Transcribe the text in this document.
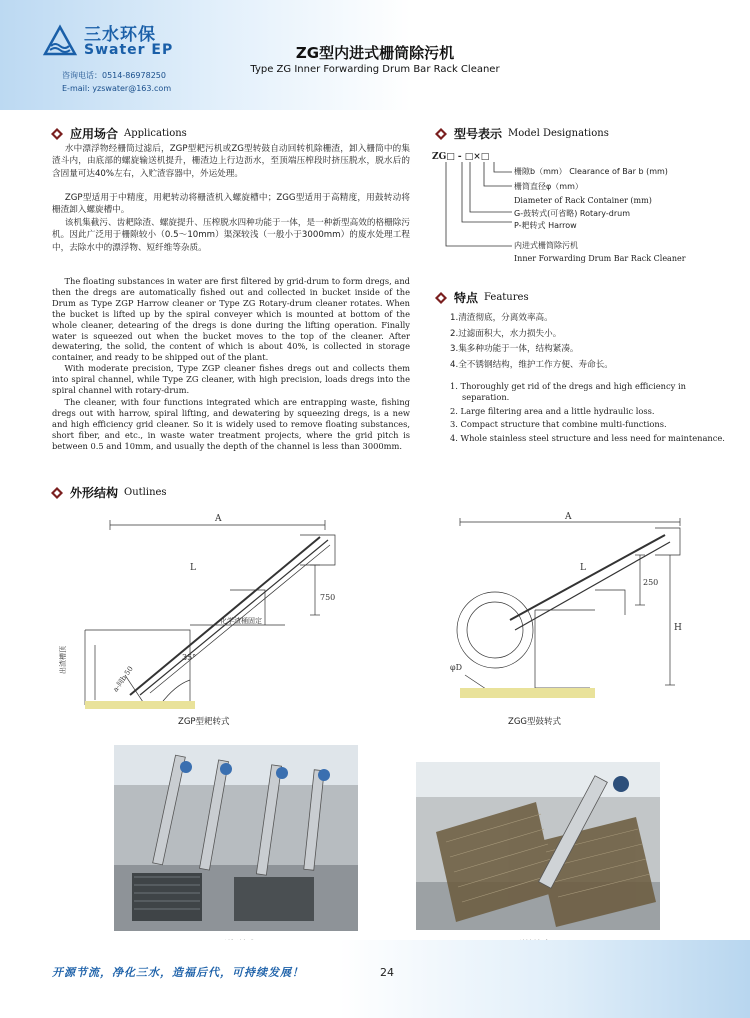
三水环保
Swater EP
咨询电话：0514-86978250
E-mail: yzswater@163.com
ZG型内进式栅筒除污机
Type ZG Inner Forwarding Drum Bar Rack Cleaner
应用场合 Applications

水中漂浮物经栅筒过滤后，ZGP型耙污机或ZG型转鼓自动回转机除栅渣，卸入栅筒中的集渣斗内，由底部的螺旋输送机提升，栅渣边上行边沥水，至顶端压榨段时挤压脱水，脱水后的含固量可达40%左右，入贮渣容器中，外运处理。

ZGP型适用于中精度，用耙转动将栅渣机入螺旋槽中；ZGG型适用于高精度，用鼓转动将栅渣卸入螺旋槽中。

该机集截污、齿耙除渣、螺旋提升、压榨脱水四种功能于一体，是一种新型高效的格栅除污机。因此广泛用于栅隙较小（0.5～10mm）渠深较浅（一般小于3000mm）的废水处理工程中，去除水中的漂浮物、短纤维等杂质。

The floating substances in water are first filtered by grid-drum to form dregs, and then the dregs are automatically fished out and collected in bucket inside of the Drum as Type ZGP Harrow cleaner or Type ZG Rotary-drum cleaner rotates. When the bucket is lifted up by the spiral conveyer which is mounted at bottom of the whole cleaner, detearing of the dregs is done during the lifting operation. Finally water is squeezed out when the bucket moves to the top of the cleaner. After dewatering, the solid, the content of which is about 40%, is collected in storage container, and ready to be shipped out of the plant.

With moderate precision, Type ZGP cleaner fishes dregs out and collects them into spiral channel, while Type ZG cleaner, with high precision, loads dregs into the spiral channel with rotary-drum.

The cleaner, with four functions integrated which are entrapping waste, fishing dregs out with harrow, spiral lifting, and dewatering by squeezing dregs, is a new and high efficiency grid cleaner. So it is widely used to remove floating substances, short fiber, and etc., in waste water treatment projects, where the grid pitch is between 0.5 and 10mm, and usually the depth of the channel is less than 3000mm.

型号表示 Model Designations
ZG□ - □×□
栅隙b（mm） Clearance of Bar b (mm)
栅筒直径φ（mm）
Diameter of Rack Container (mm)
G-鼓转式(可省略) Rotary-drum
P-耙转式 Harrow
内进式栅筒除污机
Inner Forwarding Drum Bar Rack Cleaner
特点 Features
1.清渣彻底，分离效率高。
2.过滤面积大，水力损失小。
3.集多种功能于一体，结构紧凑。
4.全不锈钢结构，维护工作方便、寿命长。
1. Thoroughly get rid of the dregs and high efficiency in separation.
2. Large filtering area and a little hydraulic loss.
3. Compact structure that combine multi-functions.
4. Whole stainless steel structure and less need for maintenance.
外形结构 Outlines
A
L
750
35°
化学渣桶固定
出渣槽顶
a-间b 50
ZGP型耙转式
A
L
H
250
φD
ZGG型鼓转式
开源节流，净化三水，造福后代，可持续发展！	24
